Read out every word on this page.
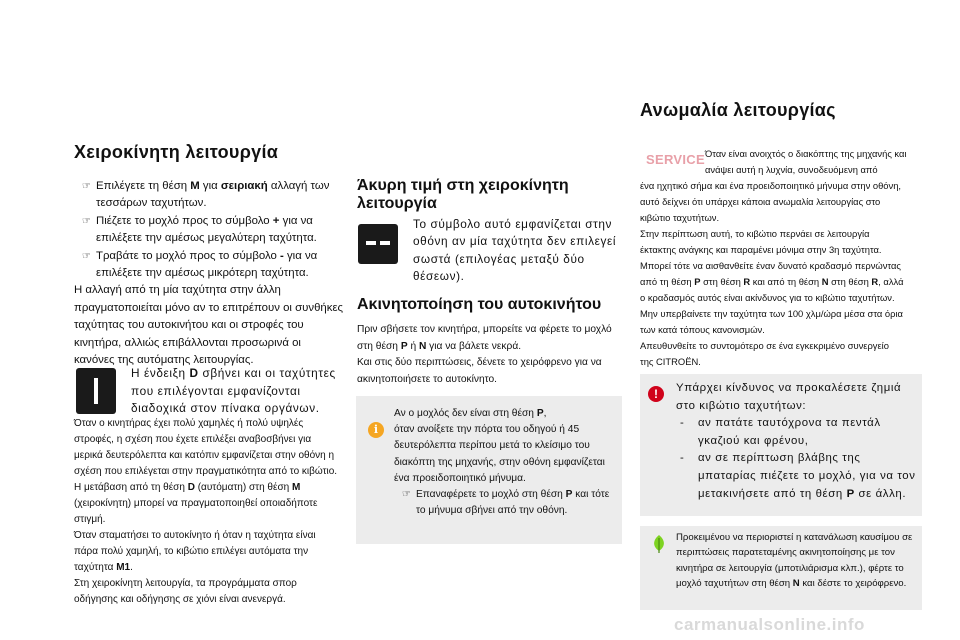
Χειροκίνητη λειτουργία
☞ Επιλέγετε τη θέση M για σειριακή αλλαγή των τεσσάρων ταχυτήτων.
☞ Πιέζετε το μοχλό προς το σύμβολο + για να επιλέξετε την αμέσως μεγαλύτερη ταχύτητα.
☞ Τραβάτε το μοχλό προς το σύμβολο - για να επιλέξετε την αμέσως μικρότερη ταχύτητα.
Η αλλαγή από τη μία ταχύτητα στην άλλη πραγματοποιείται μόνο αν το επιτρέπουν οι συνθήκες ταχύτητας του αυτοκινήτου και οι στροφές του κινητήρα, αλλιώς επιβάλλονται προσωρινά οι κανόνες της αυτόματης λειτουργίας.
Η ένδειξη D σβήνει και οι ταχύτητες που επιλέγονται εμφανίζονται διαδοχικά στον πίνακα οργάνων.
Όταν ο κινητήρας έχει πολύ χαμηλές ή πολύ υψηλές
στροφές, η σχέση που έχετε επιλέξει αναβοσβήνει για
μερικά δευτερόλεπτα και κατόπιν εμφανίζεται στην οθόνη η
σχέση που επιλέγεται στην πραγματικότητα από το κιβώτιο.
Η μετάβαση από τη θέση D (αυτόματη) στη θέση M
(χειροκίνητη) μπορεί να πραγματοποιηθεί οποιαδήποτε
στιγμή.
Όταν σταματήσει το αυτοκίνητο ή όταν η ταχύτητα είναι
πάρα πολύ χαμηλή, το κιβώτιο επιλέγει αυτόματα την
ταχύτητα M1.
Στη χειροκίνητη λειτουργία, τα προγράμματα σπορ
οδήγησης και οδήγησης σε χιόνι είναι ανενεργά.
Άκυρη τιμή στη χειροκίνητη λειτουργία
Το σύμβολο αυτό εμφανίζεται στην οθόνη αν μία ταχύτητα δεν επιλεγεί σωστά (επιλογέας μεταξύ δύο θέσεων).
Ακινητοποίηση του αυτοκινήτου
Πριν σβήσετε τον κινητήρα, μπορείτε να φέρετε το μοχλό στη θέση P ή N για να βάλετε νεκρά.
Και στις δύο περιπτώσεις, δένετε το χειρόφρενο για να ακινητοποιήσετε το αυτοκίνητο.
i
Αν ο μοχλός δεν είναι στη θέση P,
όταν ανοίξετε την πόρτα του οδηγού ή 45 δευτερόλεπτα περίπου μετά το κλείσιμο του διακόπτη της μηχανής, στην οθόνη εμφανίζεται ένα προειδοποιητικό μήνυμα.
☞ Επαναφέρετε το μοχλό στη θέση P και τότε το μήνυμα σβήνει από την οθόνη.
Ανωμαλία λειτουργίας
SERVICE Όταν είναι ανοιχτός ο διακόπτης της μηχανής και ανάψει αυτή η λυχνία, συνοδευόμενη από
ένα ηχητικό σήμα και ένα προειδοποιητικό μήνυμα στην οθόνη,
αυτό δείχνει ότι υπάρχει κάποια ανωμαλία λειτουργίας στο
κιβώτιο ταχυτήτων.
Στην περίπτωση αυτή, το κιβώτιο περνάει σε λειτουργία
έκτακτης ανάγκης και παραμένει μόνιμα στην 3η ταχύτητα.
Μπορεί τότε να αισθανθείτε έναν δυνατό κραδασμό περνώντας
από τη θέση P στη θέση R και από τη θέση N στη θέση R, αλλά
ο κραδασμός αυτός είναι ακίνδυνος για το κιβώτιο ταχυτήτων.
Μην υπερβαίνετε την ταχύτητα των 100 χλμ/ώρα μέσα στα όρια
των κατά τόπους κανονισμών.
Απευθυνθείτε το συντομότερο σε ένα εγκεκριμένο συνεργείο
της CITROËN.
!	Υπάρχει κίνδυνος να προκαλέσετε ζημιά στο κιβώτιο ταχυτήτων:
- αν πατάτε ταυτόχρονα τα πεντάλ γκαζιού και φρένου,
- αν σε περίπτωση βλάβης της μπαταρίας πιέζετε το μοχλό, για να τον μετακινήσετε από τη θέση P σε άλλη.
Προκειμένου να περιοριστεί η κατανάλωση καυσίμου σε περιπτώσεις παρατεταμένης ακινητοποίησης με τον κινητήρα σε λειτουργία (μποτιλιάρισμα κλπ.), φέρτε το μοχλό ταχυτήτων στη θέση N και δέστε το χειρόφρενο.
carmanualsonline.info
